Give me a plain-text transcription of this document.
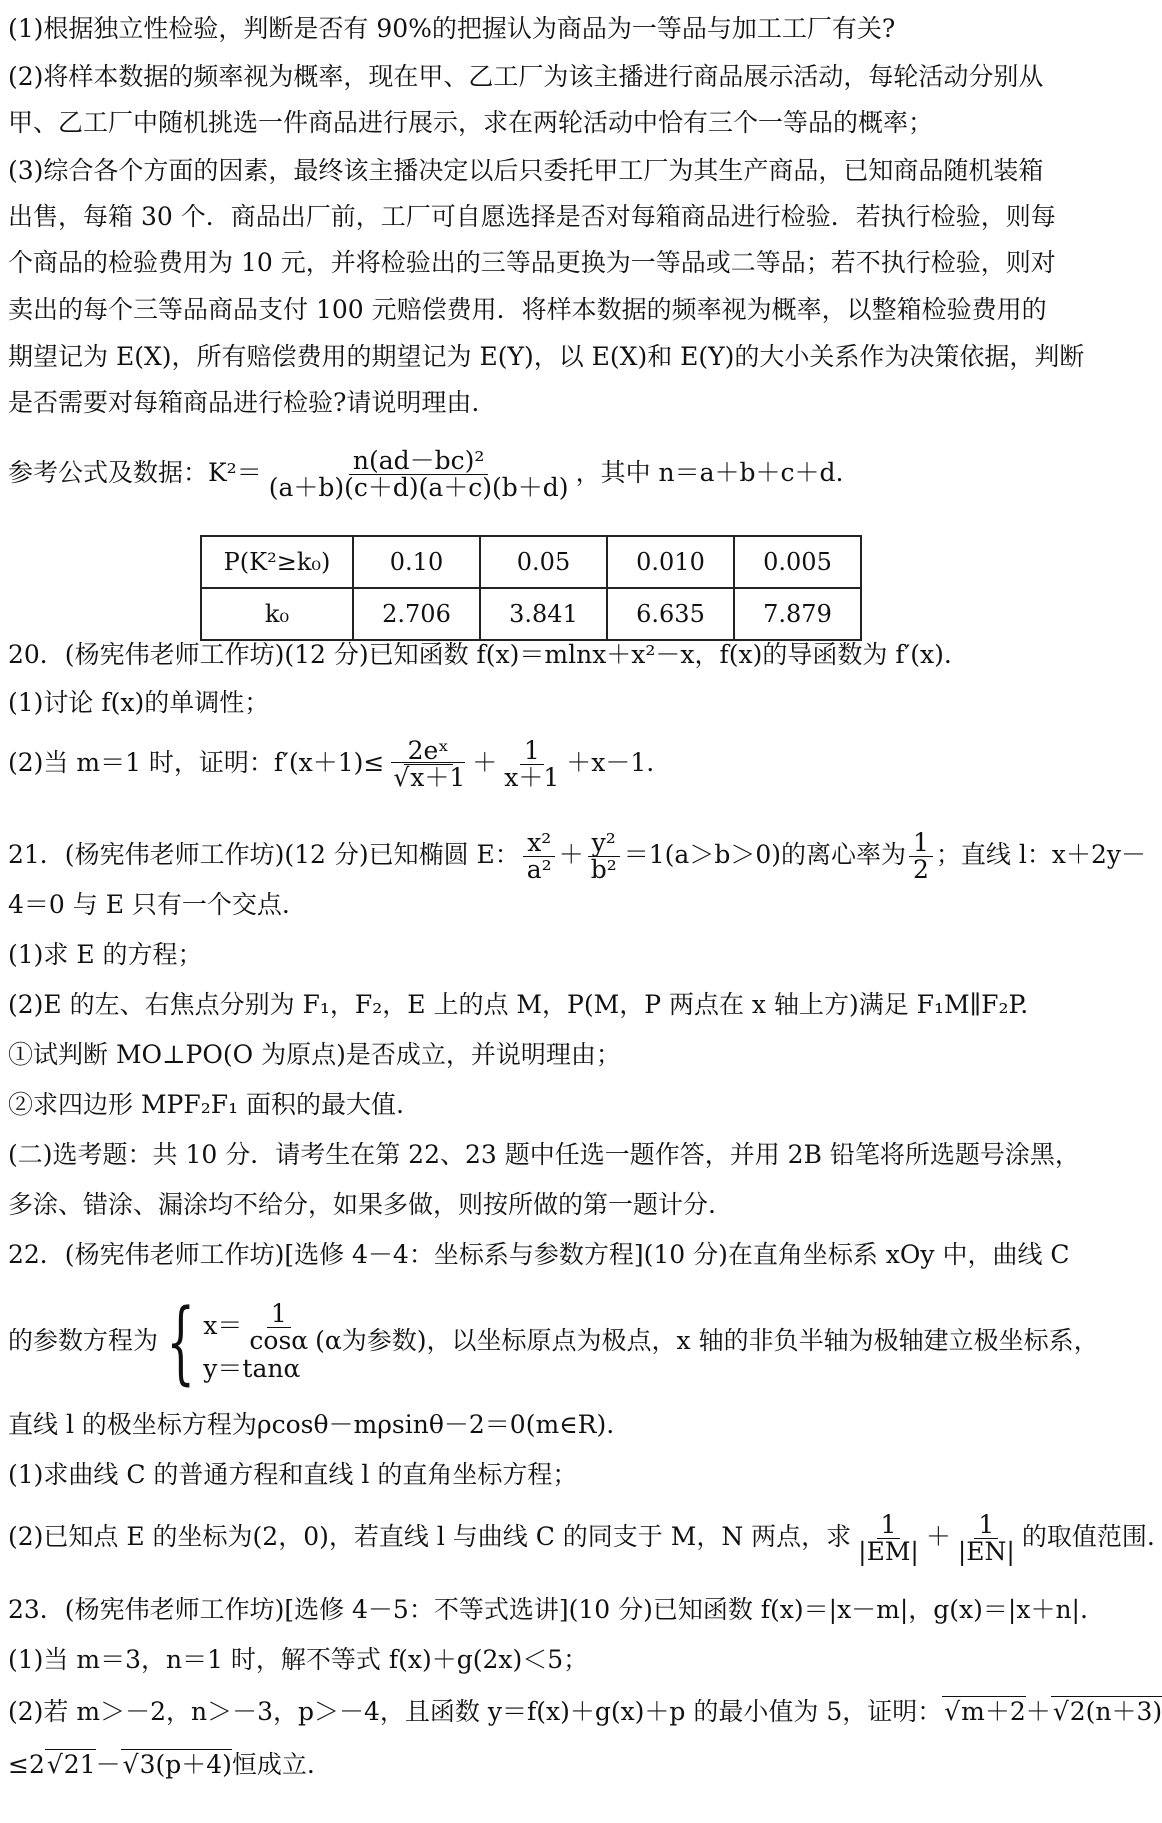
(1)根据独立性检验，判断是否有 90%的把握认为商品为一等品与加工工厂有关?
(2)将样本数据的频率视为概率，现在甲、乙工厂为该主播进行商品展示活动，每轮活动分别从
甲、乙工厂中随机挑选一件商品进行展示，求在两轮活动中恰有三个一等品的概率；
(3)综合各个方面的因素，最终该主播决定以后只委托甲工厂为其生产商品，已知商品随机装箱
出售，每箱 30 个．商品出厂前，工厂可自愿选择是否对每箱商品进行检验．若执行检验，则每
个商品的检验费用为 10 元，并将检验出的三等品更换为一等品或二等品；若不执行检验，则对
卖出的每个三等品商品支付 100 元赔偿费用．将样本数据的频率视为概率，以整箱检验费用的
期望记为 E(X)，所有赔偿费用的期望记为 E(Y)，以 E(X)和 E(Y)的大小关系作为决策依据，判断
是否需要对每箱商品进行检验?请说明理由.
参考公式及数据：$K^2= \frac{\text{n(ad－bc)²}}{(a+b)(c+d)(a+c)(b+d)}$ ，其中 n＝a＋b＋c＋d.
P(K²≥k₀)	0.10	0.05	0.010	0.005
k₀	2.706	3.841	6.635	7.879
20．(杨宪伟老师工作坊)(12 分)已知函数 f(x)＝mlnx＋x²－x，f(x)的导函数为 f′(x).
(1)讨论 f(x)的单调性；
(2)当 m＝1 时，证明：f′(x＋1)≤ 2eˣ
√ $x+1 + \frac{1}{x+1} +x-1$.
21．(杨宪伟老师工作坊)(12 分)已知椭圆 E： $\frac{\text{x²}}{\text{a²}} + \frac{\text{y²}}{\text{b²}} =1(a>b>0)$的离心率为 $\frac{1}{2}$ ；直线 l：x＋2y－
4＝0 与 E 只有一个交点.
(1)求 E 的方程；
(2)E 的左、右焦点分别为 F₁，F₂，E 上的点 M，P(M，P 两点在 x 轴上方)满足 F₁M∥F₂P.
①试判断 MO⊥PO(O 为原点)是否成立，并说明理由；
②求四边形 MPF₂F₁ 面积的最大值.
(二)选考题：共 10 分．请考生在第 22、23 题中任选一题作答，并用 2B 铅笔将所选题号涂黑，
多涂、错涂、漏涂均不给分，如果多做，则按所做的第一题计分.
22．(杨宪伟老师工作坊)[选修 4－4：坐标系与参数方程](10 分)在直角坐标系 xOy 中，曲线 C
的参数方程为{ $x= \frac{1}{\cos\alpha}$
y＝tanα
(α为参数)，以坐标原点为极点，x 轴的非负半轴为极轴建立极坐标系，
直线 l 的极坐标方程为ρcosθ－mρsinθ－2＝0(m∈R).
(1)求曲线 C 的普通方程和直线 l 的直角坐标方程；
(2)已知点 E 的坐标为(2，0)，若直线 l 与曲线 C 的同支于 M，N 两点，求 $\frac{1}{|EM|} + \frac{1}{|EN|}$ 的取值范围.
23．(杨宪伟老师工作坊)[选修 4－5：不等式选讲](10 分)已知函数 f(x)＝|x－m|，g(x)＝|x＋n|.
(1)当 m＝3，n＝1 时，解不等式 f(x)＋g(2x)＜5；
(2)若 m＞－2，n＞－3，p＞－4，且函数 y＝f(x)＋g(x)＋p 的最小值为 5，证明： √ m＋2＋ √ 2(n＋3)
≤2 √ 21－ √ 3(p＋4)恒成立.
